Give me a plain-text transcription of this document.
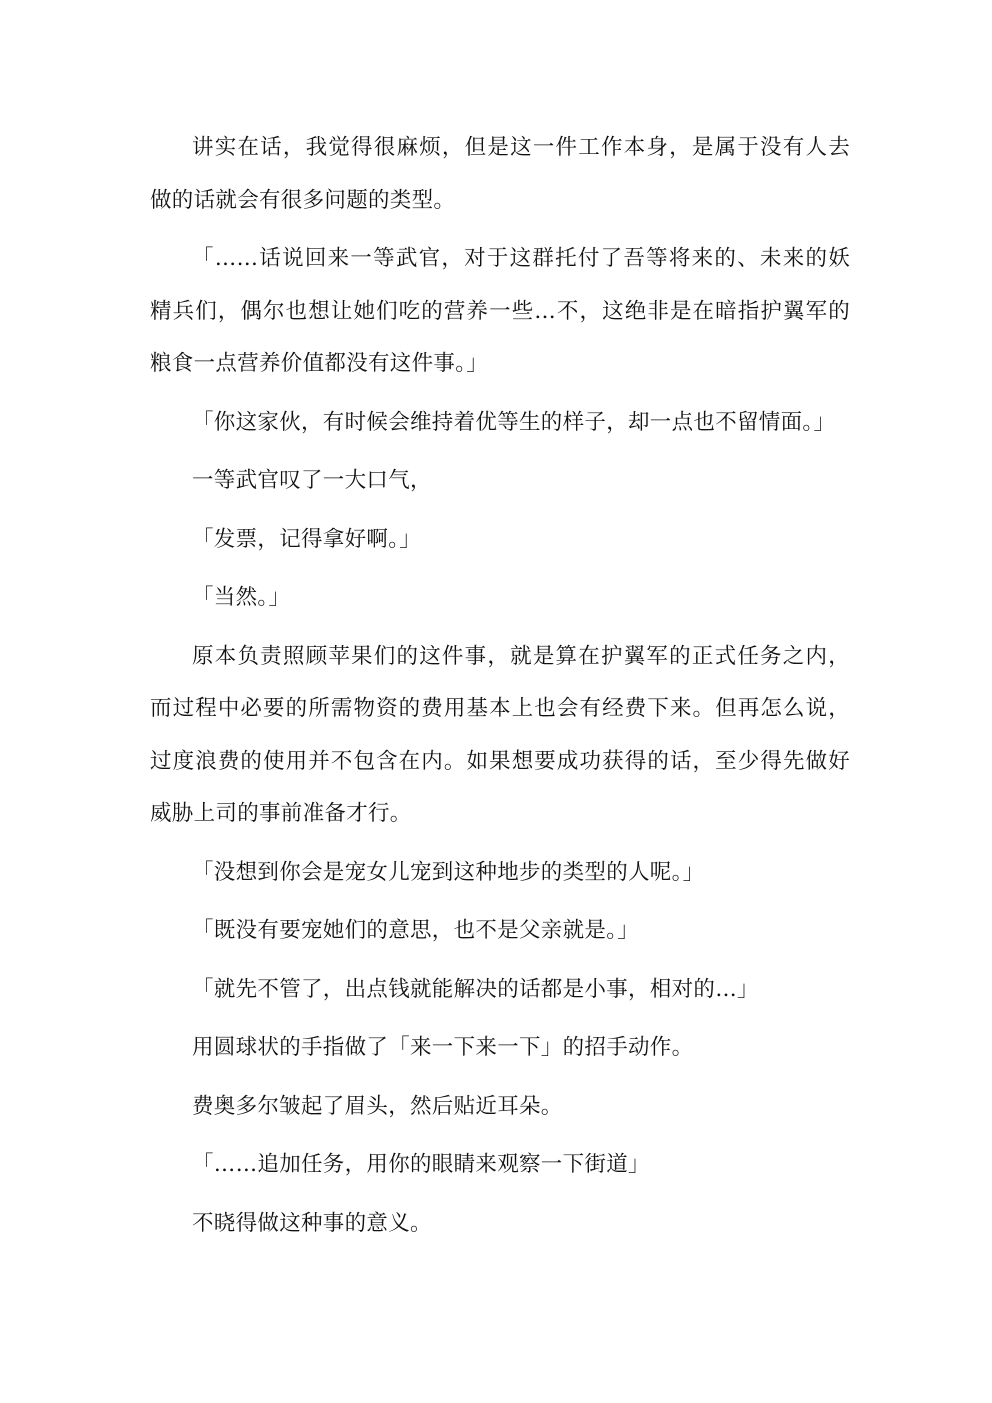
讲实在话，我觉得很麻烦，但是这一件工作本身，是属于没有人去
做的话就会有很多问题的类型。

「……话说回来一等武官，对于这群托付了吾等将来的、未来的妖
精兵们，偶尔也想让她们吃的营养一些…不，这绝非是在暗指护翼军的
粮食一点营养价值都没有这件事。」

「你这家伙，有时候会维持着优等生的样子，却一点也不留情面。」

一等武官叹了一大口气，

「发票，记得拿好啊。」

「当然。」

原本负责照顾苹果们的这件事，就是算在护翼军的正式任务之内，
而过程中必要的所需物资的费用基本上也会有经费下来。但再怎么说，
过度浪费的使用并不包含在内。如果想要成功获得的话，至少得先做好
威胁上司的事前准备才行。

「没想到你会是宠女儿宠到这种地步的类型的人呢。」

「既没有要宠她们的意思，也不是父亲就是。」

「就先不管了，出点钱就能解决的话都是小事，相对的…」

用圆球状的手指做了「来一下来一下」的招手动作。

费奥多尔皱起了眉头，然后贴近耳朵。

「……追加任务，用你的眼睛来观察一下街道」

不晓得做这种事的意义。
